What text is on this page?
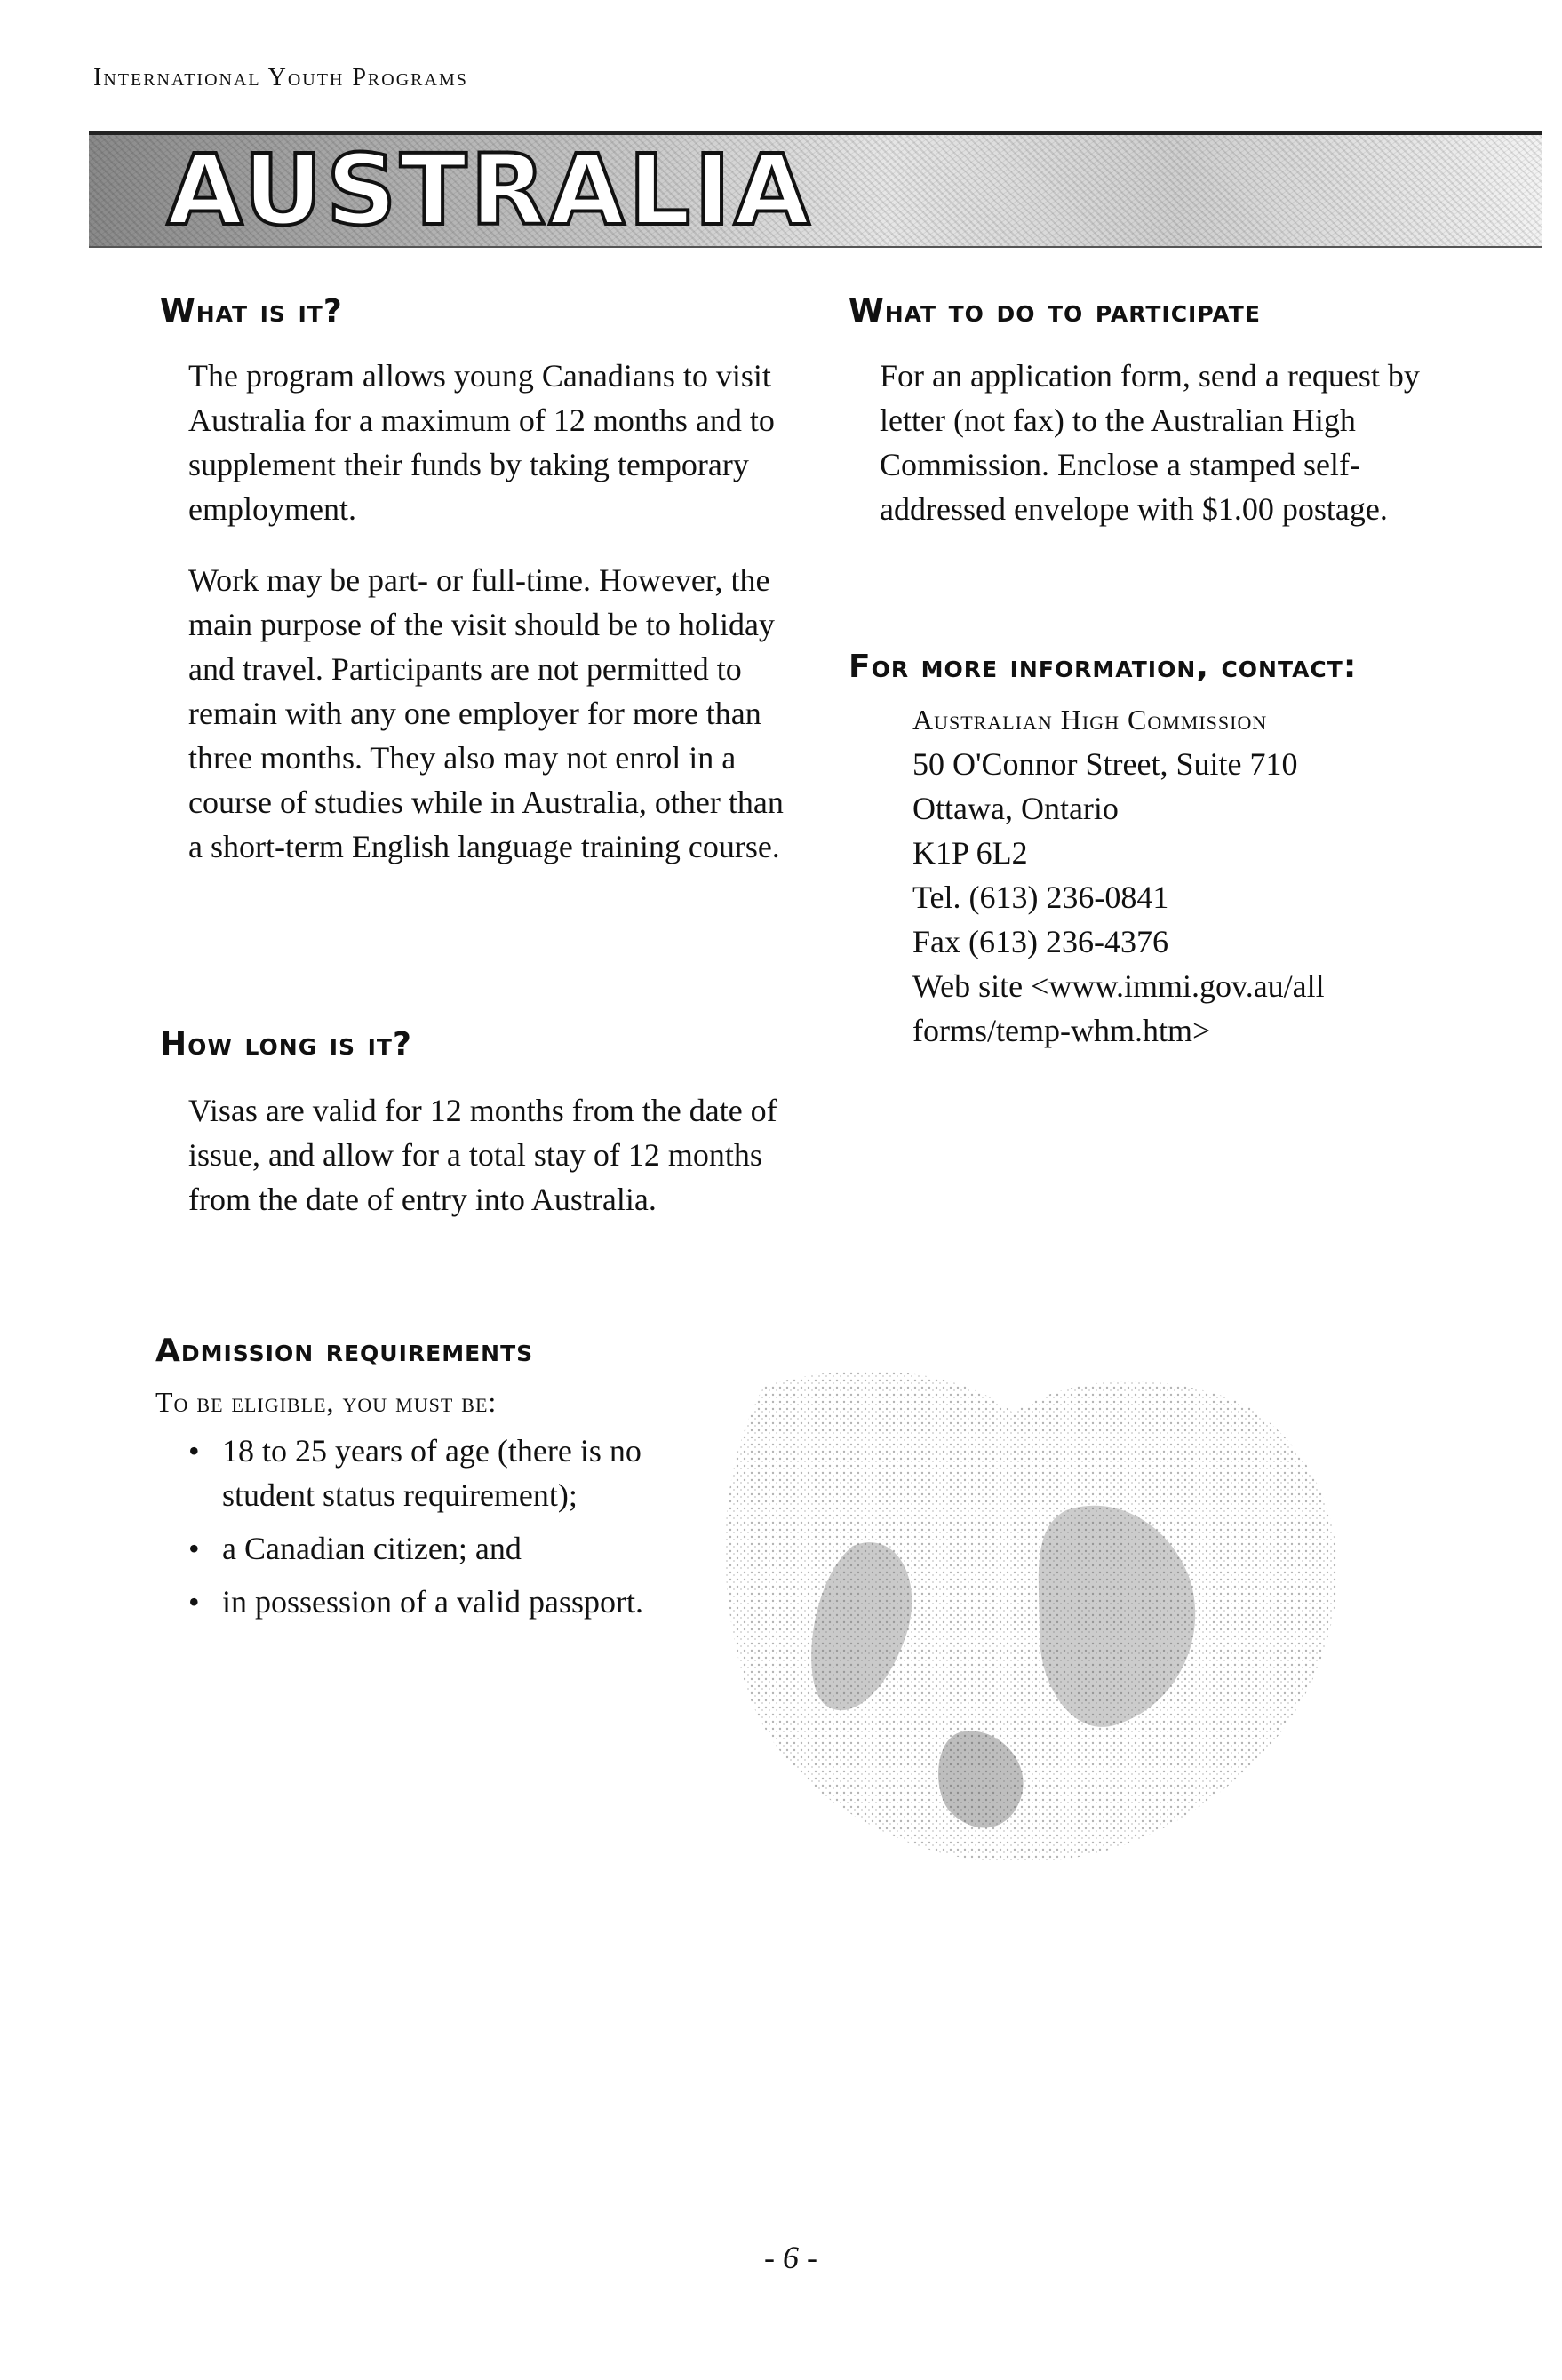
International Youth Programs
AUSTRALIA
What is it?

The program allows young Canadians to visit Australia for a maximum of 12 months and to supplement their funds by taking temporary employment.

Work may be part- or full-time. However, the main purpose of the visit should be to holiday and travel. Participants are not permitted to remain with any one employer for more than three months. They also may not enrol in a course of studies while in Australia, other than a short-term English language training course.

How long is it?

Visas are valid for 12 months from the date of issue, and allow for a total stay of 12 months from the date of entry into Australia.

Admission requirements
To be eligible, you must be:
• 18 to 25 years of age (there is no student status requirement);
• a Canadian citizen; and
• in possession of a valid passport.
What to do to participate

For an application form, send a request by letter (not fax) to the Australian High Commission. Enclose a stamped self-addressed envelope with $1.00 postage.

For more information, contact:
Australian High Commission
50 O'Connor Street, Suite 710
Ottawa, Ontario
K1P 6L2
Tel. (613) 236-0841
Fax (613) 236-4376
Web site <www.immi.gov.au/all
forms/temp-whm.htm>
- 6 -
